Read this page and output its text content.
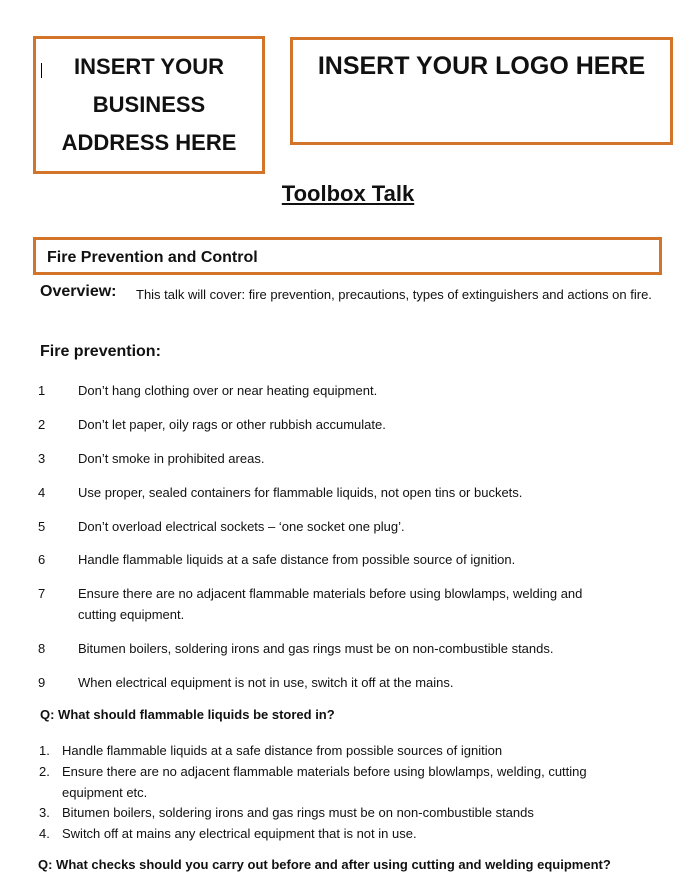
INSERT YOUR
BUSINESS
ADDRESS HERE
INSERT YOUR LOGO HERE
Toolbox Talk
Fire Prevention and Control
Overview: This talk will cover: fire prevention, precautions, types of extinguishers and actions on fire.
Fire prevention:
1	Don’t hang clothing over or near heating equipment.
2	Don’t let paper, oily rags or other rubbish accumulate.
3	Don’t smoke in prohibited areas.
4	Use proper, sealed containers for flammable liquids, not open tins or buckets.
5	Don’t overload electrical sockets – ‘one socket one plug’.
6	Handle flammable liquids at a safe distance from possible source of ignition.
7	Ensure there are no adjacent flammable materials before using blowlamps, welding and cutting equipment.
8	Bitumen boilers, soldering irons and gas rings must be on non-combustible stands.
9	When electrical equipment is not in use, switch it off at the mains.
Q: What should flammable liquids be stored in?
1. Handle flammable liquids at a safe distance from possible sources of ignition
2. Ensure there are no adjacent flammable materials before using blowlamps, welding, cutting equipment etc.
3. Bitumen boilers, soldering irons and gas rings must be on non-combustible stands
4. Switch off at mains any electrical equipment that is not in use.
Q: What checks should you carry out before and after using cutting and welding equipment?
